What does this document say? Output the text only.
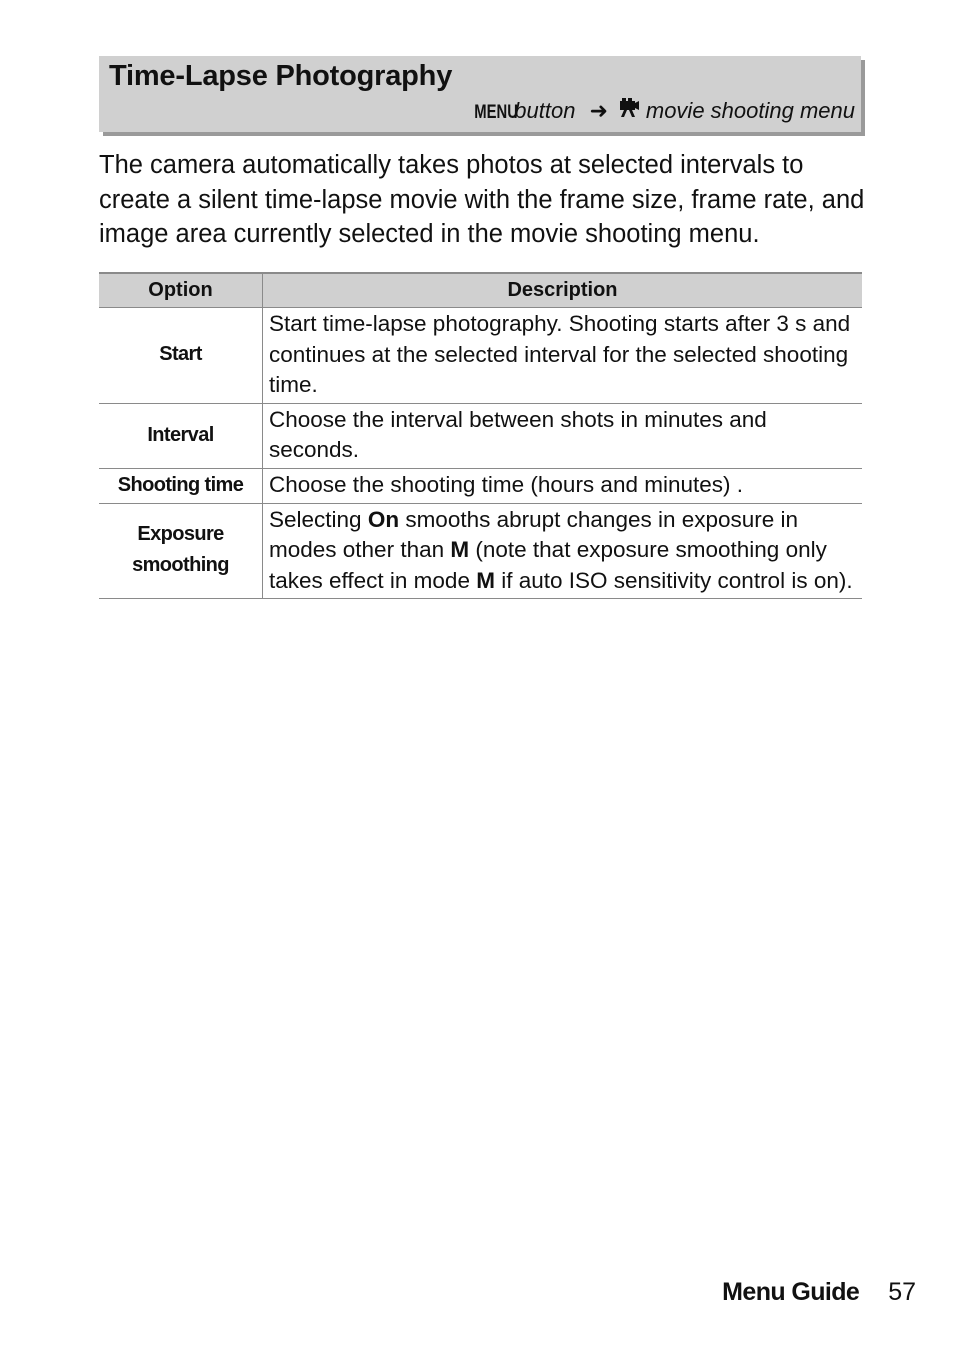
Time-Lapse Photography
MENU
button ➜ movie shooting menu

The camera automatically takes photos at selected intervals to create a silent time-lapse movie with the frame size, frame rate, and image area currently selected in the movie shooting menu.

Option	Description
Start	Start time-lapse photography. Shooting starts after 3 s and continues at the selected interval for the selected shooting time.
Interval	Choose the interval between shots in minutes and seconds.
Shooting time	Choose the shooting time (hours and minutes) .
Exposure
smoothing	Selecting On smooths abrupt changes in exposure in modes other than M (note that exposure smoothing only takes effect in mode M if auto ISO sensitivity control is on).
Menu Guide 57
